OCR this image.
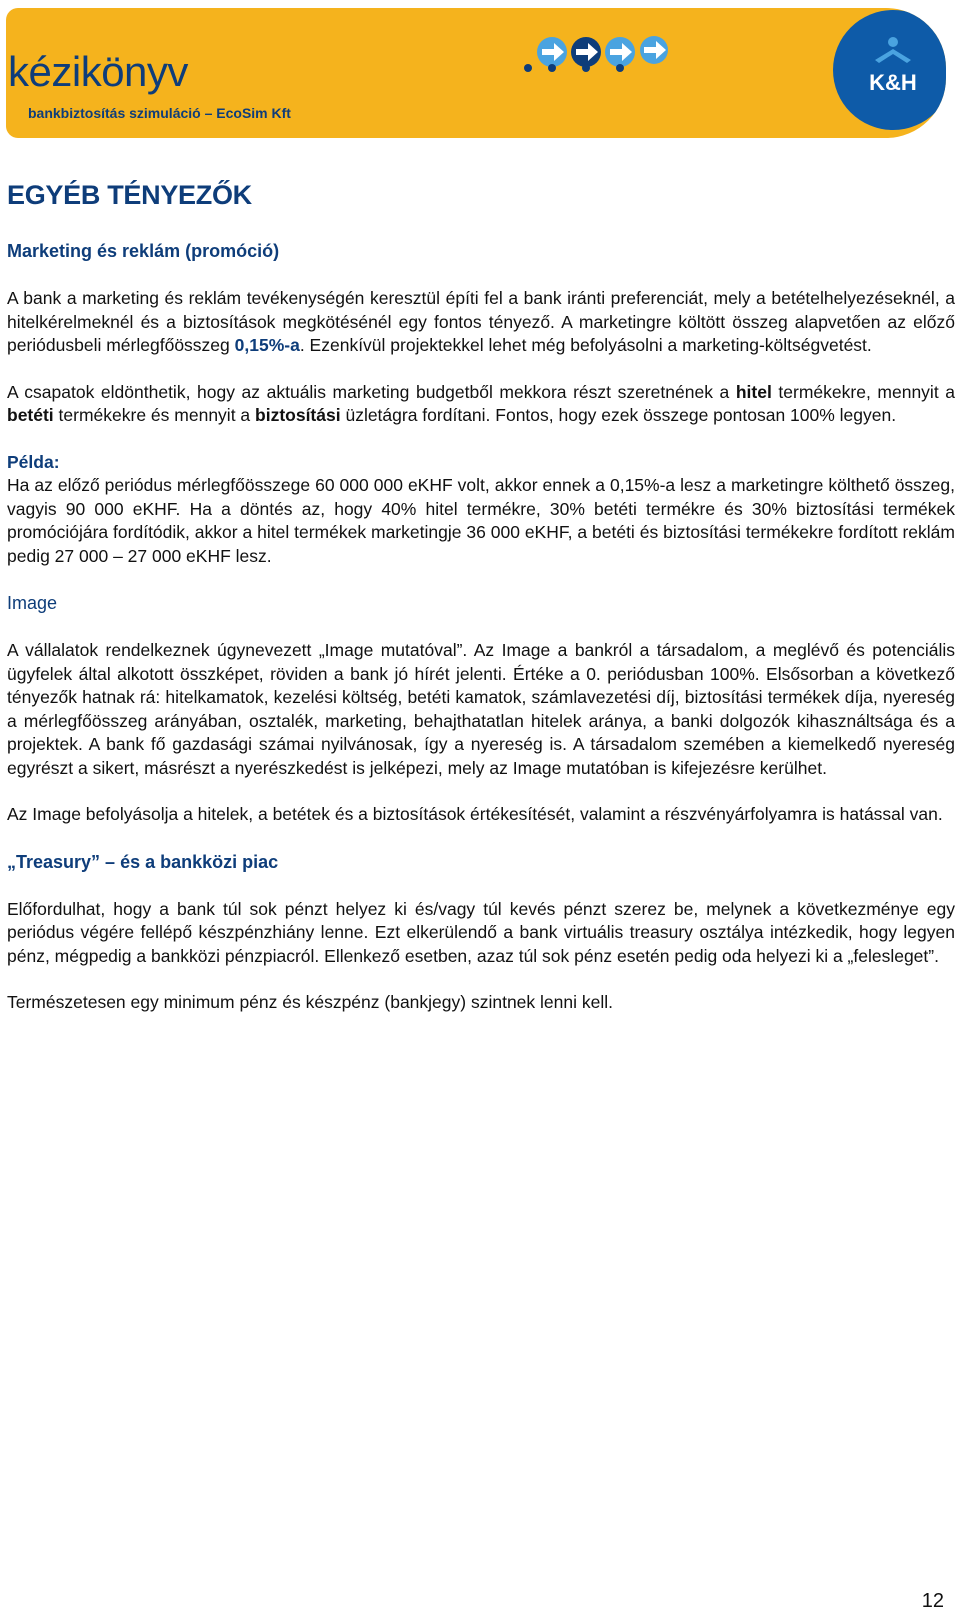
kézikönyv
bankbiztosítás szimuláció – EcoSim Kft
K&H
EGYÉB TÉNYEZŐK
Marketing és reklám (promóció)

A bank a marketing és reklám tevékenységén keresztül építi fel a bank iránti preferenciát, mely a betételhelyezéseknél, a hitelkérelmeknél és a biztosítások megkötésénél egy fontos tényező. A marketingre költött összeg alapvetően az előző periódusbeli mérlegfőösszeg 0,15%-a. Ezenkívül projektekkel lehet még befolyásolni a marketing-költségvetést.

A csapatok eldönthetik, hogy az aktuális marketing budgetből mekkora részt szeretnének a hitel termékekre, mennyit a betéti termékekre és mennyit a biztosítási üzletágra fordítani. Fontos, hogy ezek összege pontosan 100% legyen.

Példa:
Ha az előző periódus mérlegfőösszege 60 000 000 eKHF volt, akkor ennek a 0,15%-a lesz a marketingre költhető összeg, vagyis 90 000 eKHF. Ha a döntés az, hogy 40% hitel termékre, 30% betéti termékre és 30% biztosítási termékek promóciójára fordítódik, akkor a hitel termékek marketingje 36 000 eKHF, a betéti és biztosítási termékekre fordított reklám pedig 27 000 – 27 000 eKHF lesz.

Image

A vállalatok rendelkeznek úgynevezett „Image mutatóval”. Az Image a bankról a társadalom, a meglévő és potenciális ügyfelek által alkotott összképet, röviden a bank jó hírét jelenti. Értéke a 0. periódusban 100%. Elsősorban a következő tényezők hatnak rá: hitelkamatok, kezelési költség, betéti kamatok, számlavezetési díj, biztosítási termékek díja, nyereség a mérlegfőösszeg arányában, osztalék, marketing, behajthatatlan hitelek aránya, a banki dolgozók kihasználtsága és a projektek. A bank fő gazdasági számai nyilvánosak, így a nyereség is. A társadalom szemében a kiemelkedő nyereség egyrészt a sikert, másrészt a nyerészkedést is jelképezi, mely az Image mutatóban is kifejezésre kerülhet.

Az Image befolyásolja a hitelek, a betétek és a biztosítások értékesítését, valamint a részvényárfolyamra is hatással van.

„Treasury” – és a bankközi piac

Előfordulhat, hogy a bank túl sok pénzt helyez ki és/vagy túl kevés pénzt szerez be, melynek a következménye egy periódus végére fellépő készpénzhiány lenne. Ezt elkerülendő a bank virtuális treasury osztálya intézkedik, hogy legyen pénz, mégpedig a bankközi pénzpiacról. Ellenkező esetben, azaz túl sok pénz esetén pedig oda helyezi ki a „felesleget”.

Természetesen egy minimum pénz és készpénz (bankjegy) szintnek lenni kell.

12
